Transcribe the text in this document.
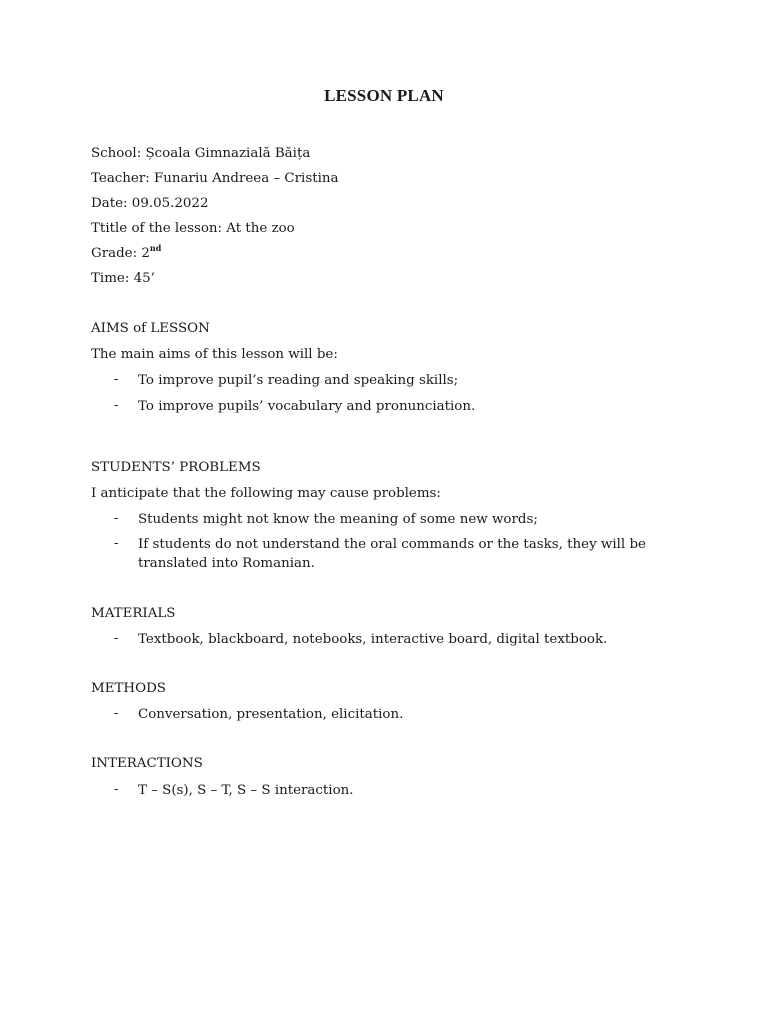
LESSON PLAN
School: Școala Gimnazială Băița
Teacher: Funariu Andreea – Cristina
Date: 09.05.2022
Ttitle of the lesson: At the zoo
Grade: 2nd
Time: 45’
AIMS of LESSON
The main aims of this lesson will be:
- To improve pupil’s reading and speaking skills;
- To improve pupils’ vocabulary and pronunciation.
STUDENTS’ PROBLEMS
I anticipate that the following may cause problems:
- Students might not know the meaning of some new words;
- If students do not understand the oral commands or the tasks, they will be translated into Romanian.
MATERIALS
- Textbook, blackboard, notebooks, interactive board, digital textbook.
METHODS
- Conversation, presentation, elicitation.
INTERACTIONS
- T – S(s), S – T, S – S interaction.
